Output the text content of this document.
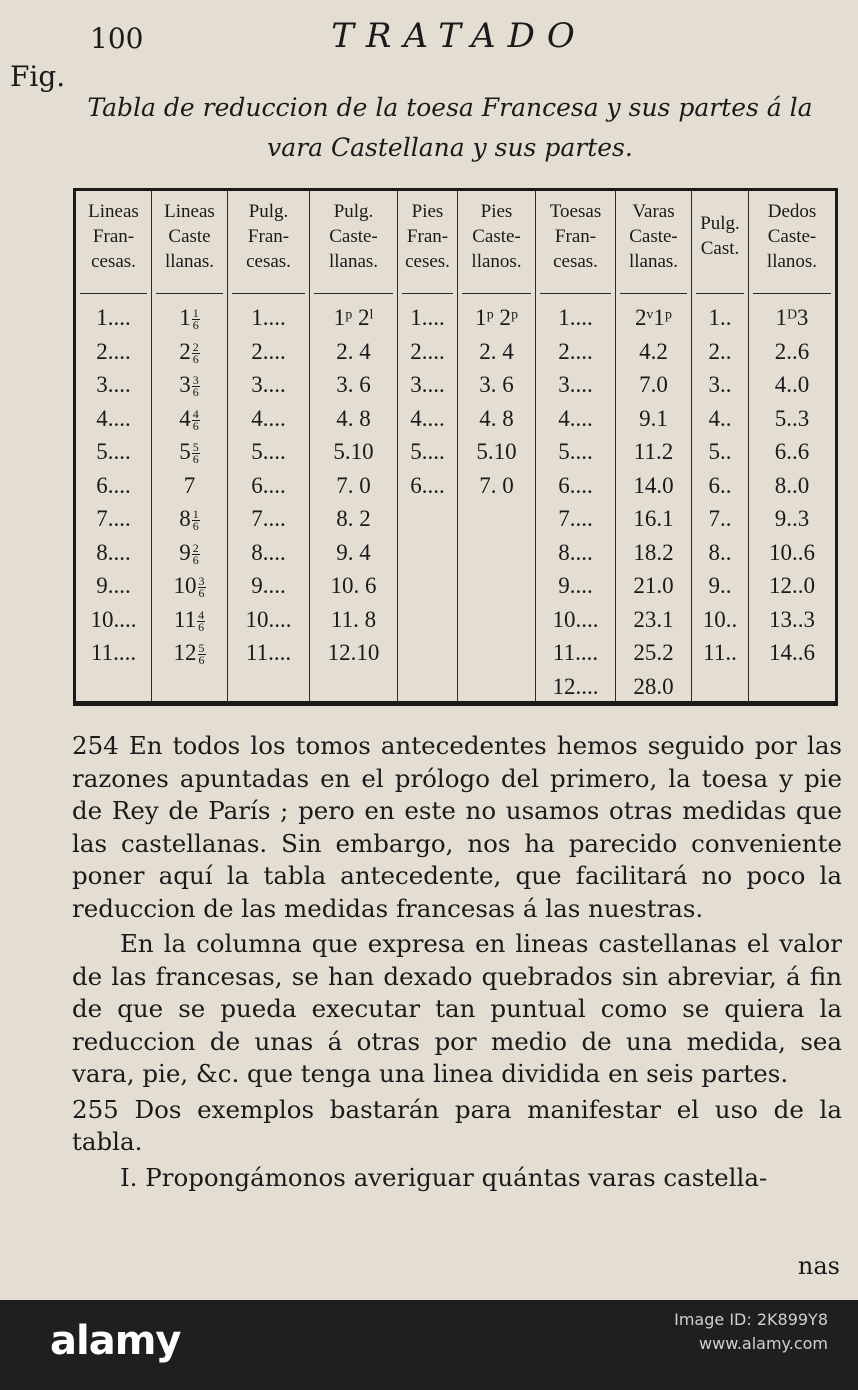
100	TRATADO
Fig.
Tabla de reduccion de la toesa Francesa y sus partes á la
vara Castellana y sus partes.
Lineas
Fran-
cesas.
1....
2....
3....
4....
5....
6....
7....
8....
9....
10....
11....
Lineas
Caste
llanas.
$1 \frac{1}{6}$
$2 \frac{2}{6}$
$3 \frac{3}{6}$
$4 \frac{4}{6}$
$5 \frac{5}{6}$
7
$8 \frac{1}{6}$
$9 \frac{2}{6}$
$10 \frac{3}{6}$
$11 \frac{4}{6}$
$12 \frac{5}{6}$
Pulg.
Fran-
cesas.
1....
2....
3....
4....
5....
6....
7....
8....
9....
10....
11....
Pulg.
Caste-
llanas.
1ᵖ 2ˡ
2. 4
3. 6
4. 8
5.10
7. 0
8. 2
9. 4
10. 6
11. 8
12.10
Pies
Fran-
ceses.
1....
2....
3....
4....
5....
6....
Pies
Caste-
llanos.
1ᵖ 2ᵖ
2. 4
3. 6
4. 8
5.10
7. 0
Toesas
Fran-
cesas.
1....
2....
3....
4....
5....
6....
7....
8....
9....
10....
11....
12....
Varas
Caste-
llanas.
2ᵛ1ᵖ
4.2
7.0
9.1
11.2
14.0
16.1
18.2
21.0
23.1
25.2
28.0
Pulg.
Cast.
1..
2..
3..
4..
5..
6..
7..
8..
9..
10..
11..
Dedos
Caste-
llanos.
1ᴰ3
2..6
4..0
5..3
6..6
8..0
9..3
10..6
12..0
13..3
14..6

254 En todos los tomos antecedentes hemos seguido por las razones apuntadas en el prólogo del primero, la toesa y pie de Rey de París ; pero en este no usamos otras medidas que las castellanas. Sin embargo, nos ha parecido conveniente poner aquí la tabla antecedente, que facilitará no poco la reduccion de las medidas francesas á las nuestras.

En la columna que expresa en lineas castellanas el valor de las francesas, se han dexado quebrados sin abreviar, á fin de que se pueda executar tan puntual como se quiera la reduccion de unas á otras por medio de una medida, sea vara, pie, &c. que tenga una linea dividida en seis partes.

255 Dos exemplos bastarán para manifestar el uso de la tabla.

I. Propongámonos averiguar quántas varas castella-

nas
alamy	Image ID: 2K899Y8
www.alamy.com
